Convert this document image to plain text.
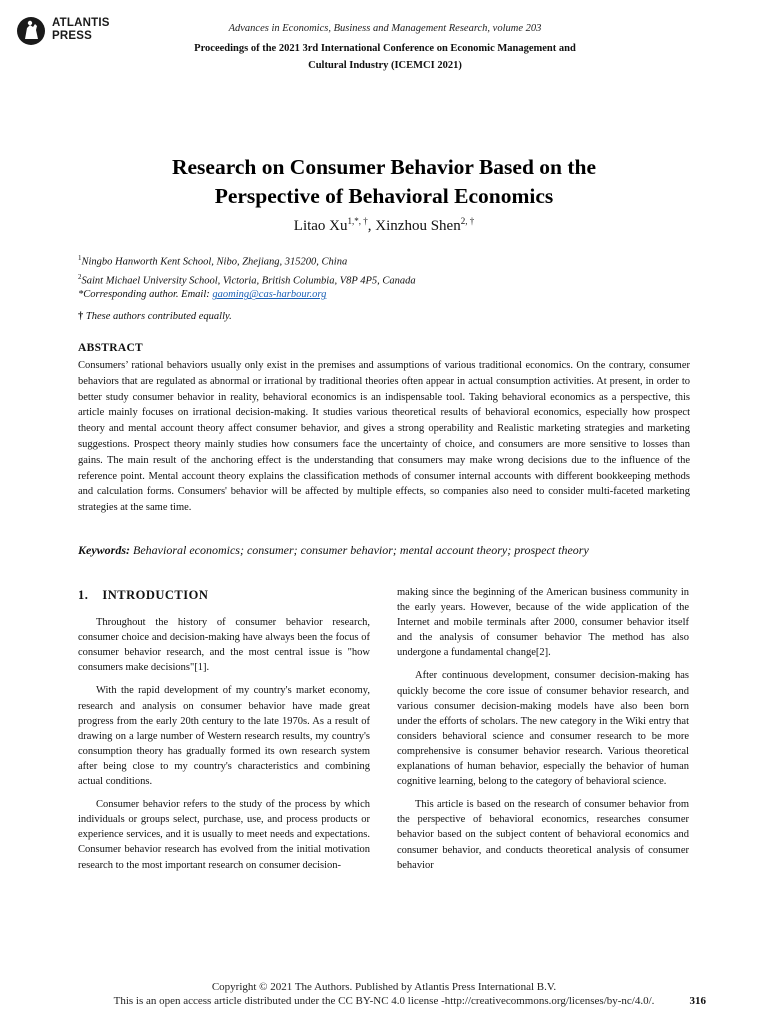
ATLANTIS
PRESS
Advances in Economics, Business and Management Research, volume 203
Proceedings of the 2021 3rd International Conference on Economic Management and
Cultural Industry (ICEMCI 2021)
Research on Consumer Behavior Based on the
Perspective of Behavioral Economics
Litao $Xu^{1,*, \dagger}$, Xinzhou Shen$^{2, \dagger}$
$^1$Ningbo Hanworth Kent School, Nibo, Zhejiang, 315200, China
$^2$Saint Michael University School, Victoria, British Columbia, V8P 4P5, Canada
*Corresponding author. Email: gaoming@cas-harbour.org
† These authors contributed equally.
ABSTRACT

Consumers’ rational behaviors usually only exist in the premises and assumptions of various traditional economics. On the contrary, consumer behaviors that are regulated as abnormal or irrational by traditional theories often appear in actual consumption activities. At present, in order to better study consumer behavior in reality, behavioral economics is an indispensable tool. Taking behavioral economics as a perspective, this article mainly focuses on irrational decision-making. It studies various theoretical results of behavioral economics, especially how prospect theory and mental account theory affect consumer behavior, and gives a strong operability and Realistic marketing strategies and marketing suggestions. Prospect theory mainly studies how consumers face the uncertainty of choice, and consumers are more sensitive to losses than gains. The main result of the anchoring effect is the understanding that consumers may make wrong decisions due to the influence of the reference point. Mental account theory explains the classification methods of consumer internal accounts with different bookkeeping methods and calculation forms. Consumers' behavior will be affected by multiple effects, so companies also need to consider multi-faceted marketing strategies at the same time.

Keywords: Behavioral economics; consumer; consumer behavior; mental account theory; prospect theory
1. INTRODUCTION

Throughout the history of consumer behavior research, consumer choice and decision-making have always been the focus of consumer behavior research, and the most central issue is "how consumers make decisions"[1].

With the rapid development of my country's market economy, research and analysis on consumer behavior have made great progress from the early 20th century to the late 1970s. As a result of drawing on a large number of Western research results, my country's consumption theory has gradually formed its own research system after being close to my country's characteristics and combining actual conditions.

Consumer behavior refers to the study of the process by which individuals or groups select, purchase, use, and process products or experience services, and it is usually to meet needs and expectations. Consumer behavior research has evolved from the initial motivation research to the most important research on consumer decision-

making since the beginning of the American business community in the early years. However, because of the wide application of the Internet and mobile terminals after 2000, consumer behavior itself and the analysis of consumer behavior The method has also undergone a fundamental change[2].

After continuous development, consumer decision-making has quickly become the core issue of consumer behavior research, and various consumer decision-making models have also been born under the efforts of scholars. The new category in the Wiki entry that considers behavioral science and consumer research to be more comprehensive is consumer behavior research. Various theoretical explanations of human behavior, especially the behavior of human cognitive learning, belong to the category of behavioral science.

This article is based on the research of consumer behavior from the perspective of behavioral economics, researches consumer behavior based on the subject content of behavioral economics and consumer behavior, and conducts theoretical analysis of consumer behavior

Copyright © 2021 The Authors. Published by Atlantis Press International B.V.
This is an open access article distributed under the CC BY-NC 4.0 license -http://creativecommons.org/licenses/by-nc/4.0/.	316
